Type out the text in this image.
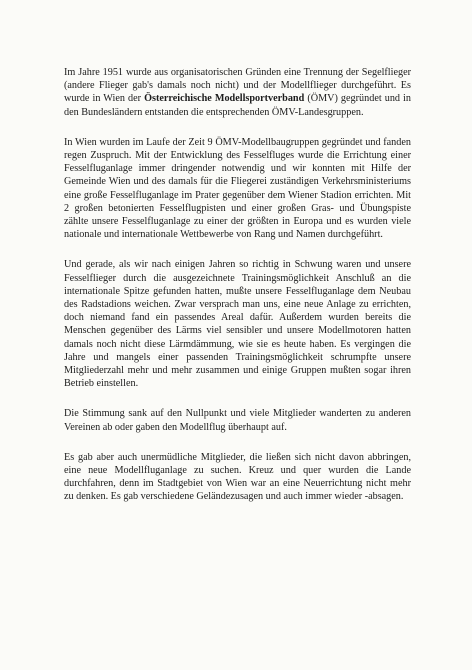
Im Jahre 1951 wurde aus organisatorischen Gründen eine Trennung der Segelflieger (andere Flieger gab's damals noch nicht) und der Modellflieger durchgeführt. Es wurde in Wien der Österreichische Modellsportverband (ÖMV) gegründet und in den Bundesländern entstanden die entsprechenden ÖMV-Landesgruppen.

In Wien wurden im Laufe der Zeit 9 ÖMV-Modellbaugruppen gegründet und fanden regen Zuspruch. Mit der Entwicklung des Fesselfluges wurde die Errichtung einer Fesselfluganlage immer dringender notwendig und wir konnten mit Hilfe der Gemeinde Wien und des damals für die Fliegerei zuständigen Verkehrsministeriums eine große Fesselfluganlage im Prater gegenüber dem Wiener Stadion errichten. Mit 2 großen betonierten Fesselflugpisten und einer großen Gras- und Übungspiste zählte unsere Fesselfluganlage zu einer der größten in Europa und es wurden viele nationale und internationale Wettbewerbe von Rang und Namen durchgeführt.

Und gerade, als wir nach einigen Jahren so richtig in Schwung waren und unsere Fesselflieger durch die ausgezeichnete Trainingsmöglichkeit Anschluß an die internationale Spitze gefunden hatten, mußte unsere Fesselfluganlage dem Neubau des Radstadions weichen. Zwar versprach man uns, eine neue Anlage zu errichten, doch niemand fand ein passendes Areal dafür. Außerdem wurden bereits die Menschen gegenüber des Lärms viel sensibler und unsere Modellmotoren hatten damals noch nicht diese Lärmdämmung, wie sie es heute haben. Es vergingen die Jahre und mangels einer passenden Trainingsmöglichkeit schrumpfte unsere Mitgliederzahl mehr und mehr zusammen und einige Gruppen mußten sogar ihren Betrieb einstellen.

Die Stimmung sank auf den Nullpunkt und viele Mitglieder wanderten zu anderen Vereinen ab oder gaben den Modellflug überhaupt auf.

Es gab aber auch unermüdliche Mitglieder, die ließen sich nicht davon abbringen, eine neue Modellfluganlage zu suchen. Kreuz und quer wurden die Lande durchfahren, denn im Stadtgebiet von Wien war an eine Neuerrichtung nicht mehr zu denken. Es gab verschiedene Geländezusagen und auch immer wieder -absagen.
